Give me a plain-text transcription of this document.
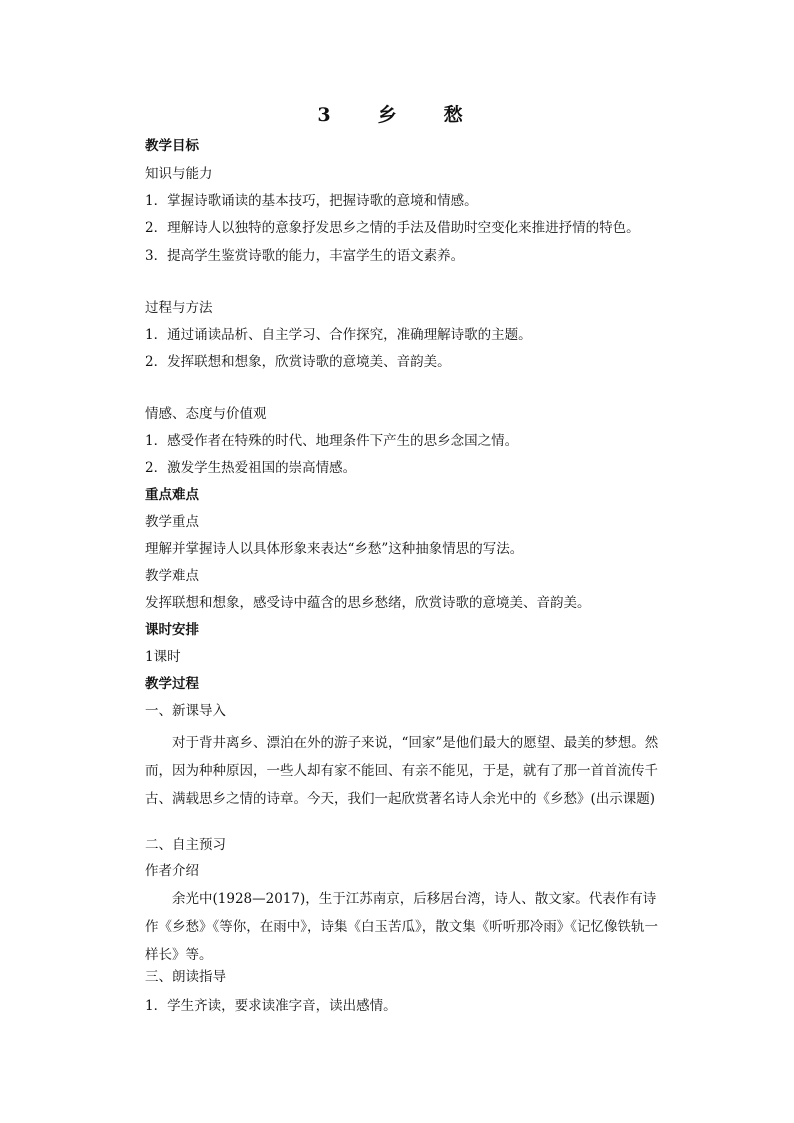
3　乡　愁
教学目标
知识与能力
1．掌握诗歌诵读的基本技巧，把握诗歌的意境和情感。
2．理解诗人以独特的意象抒发思乡之情的手法及借助时空变化来推进抒情的特色。
3．提高学生鉴赏诗歌的能力，丰富学生的语文素养。
过程与方法
1．通过诵读品析、自主学习、合作探究，准确理解诗歌的主题。
2．发挥联想和想象，欣赏诗歌的意境美、音韵美。
情感、态度与价值观
1．感受作者在特殊的时代、地理条件下产生的思乡念国之情。
2．激发学生热爱祖国的崇高情感。
重点难点
教学重点
理解并掌握诗人以具体形象来表达“乡愁”这种抽象情思的写法。
教学难点
发挥联想和想象，感受诗中蕴含的思乡愁绪，欣赏诗歌的意境美、音韵美。
课时安排
1课时
教学过程
一、新课导入
　　对于背井离乡、漂泊在外的游子来说，“回家”是他们最大的愿望、最美的梦想。然而，因为种种原因，一些人却有家不能回、有亲不能见，于是，就有了那一首首流传千古、满载思乡之情的诗章。今天，我们一起欣赏著名诗人余光中的《乡愁》(出示课题)
二、自主预习
作者介绍
　　余光中(1928—2017)，生于江苏南京，后移居台湾，诗人、散文家。代表作有诗作《乡愁》《等你，在雨中》，诗集《白玉苦瓜》，散文集《听听那冷雨》《记忆像铁轨一样长》等。
三、朗读指导
1．学生齐读，要求读准字音，读出感情。
